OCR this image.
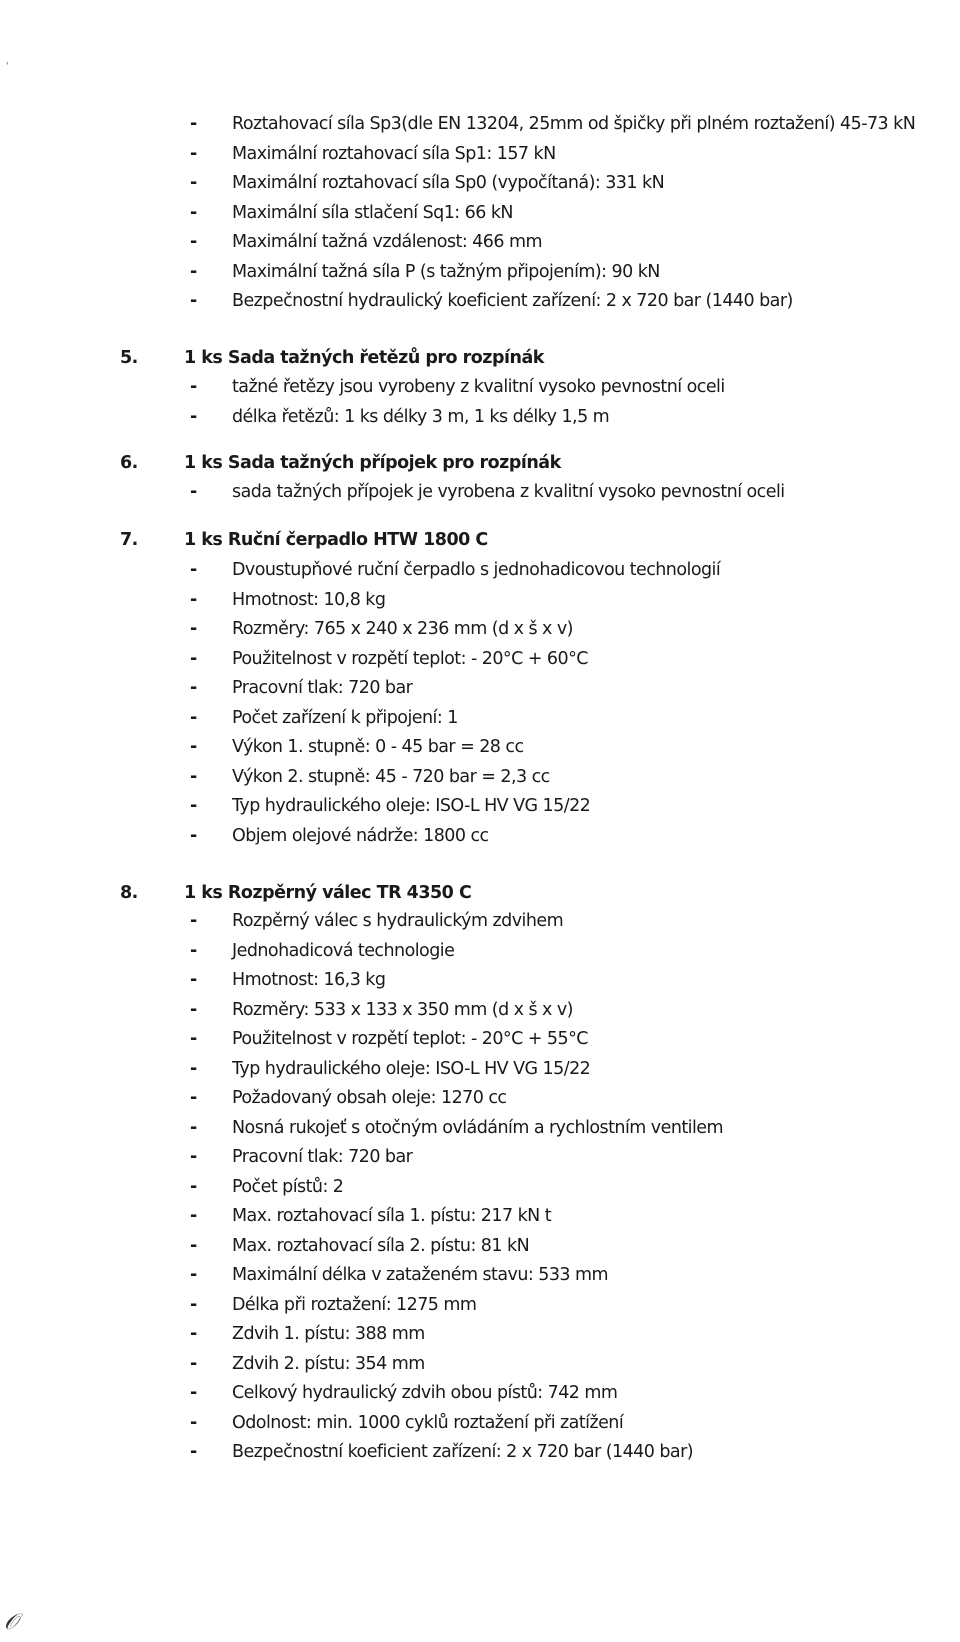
'
- Roztahovací síla Sp3(dle EN 13204, 25mm od špičky při plném roztažení) 45-73 kN
- Maximální roztahovací síla Sp1: 157 kN
- Maximální roztahovací síla Sp0 (vypočítaná): 331 kN
- Maximální síla stlačení Sq1: 66 kN
- Maximální tažná vzdálenost: 466 mm
- Maximální tažná síla P (s tažným připojením): 90 kN
- Bezpečnostní hydraulický koeficient zařízení: 2 x 720 bar (1440 bar)
5.	1 ks Sada tažných řetězů pro rozpínák
- tažné řetězy jsou vyrobeny z kvalitní vysoko pevnostní oceli
- délka řetězů: 1 ks délky 3 m, 1 ks délky 1,5 m
6.	1 ks Sada tažných přípojek pro rozpínák
- sada tažných přípojek je vyrobena z kvalitní vysoko pevnostní oceli
7.	1 ks Ruční čerpadlo HTW 1800 C
- Dvoustupňové ruční čerpadlo s jednohadicovou technologií
- Hmotnost: 10,8 kg
- Rozměry: 765 x 240 x 236 mm (d x š x v)
- Použitelnost v rozpětí teplot: - 20°C + 60°C
- Pracovní tlak: 720 bar
- Počet zařízení k připojení: 1
- Výkon 1. stupně: 0 - 45 bar = 28 cc
- Výkon 2. stupně: 45 - 720 bar = 2,3 cc
- Typ hydraulického oleje: ISO-L HV VG 15/22
- Objem olejové nádrže: 1800 cc
8.	1 ks Rozpěrný válec TR 4350 C
- Rozpěrný válec s hydraulickým zdvihem
- Jednohadicová technologie
- Hmotnost: 16,3 kg
- Rozměry: 533 x 133 x 350 mm (d x š x v)
- Použitelnost v rozpětí teplot: - 20°C + 55°C
- Typ hydraulického oleje: ISO-L HV VG 15/22
- Požadovaný obsah oleje: 1270 cc
- Nosná rukojeť s otočným ovládáním a rychlostním ventilem
- Pracovní tlak: 720 bar
- Počet pístů: 2
- Max. roztahovací síla 1. pístu: 217 kN t
- Max. roztahovací síla 2. pístu: 81 kN
- Maximální délka v zataženém stavu: 533 mm
- Délka při roztažení: 1275 mm
- Zdvih 1. pístu: 388 mm
- Zdvih 2. pístu: 354 mm
- Celkový hydraulický zdvih obou pístů: 742 mm
- Odolnost: min. 1000 cyklů roztažení při zatížení
- Bezpečnostní koeficient zařízení: 2 x 720 bar (1440 bar)
𝒪
